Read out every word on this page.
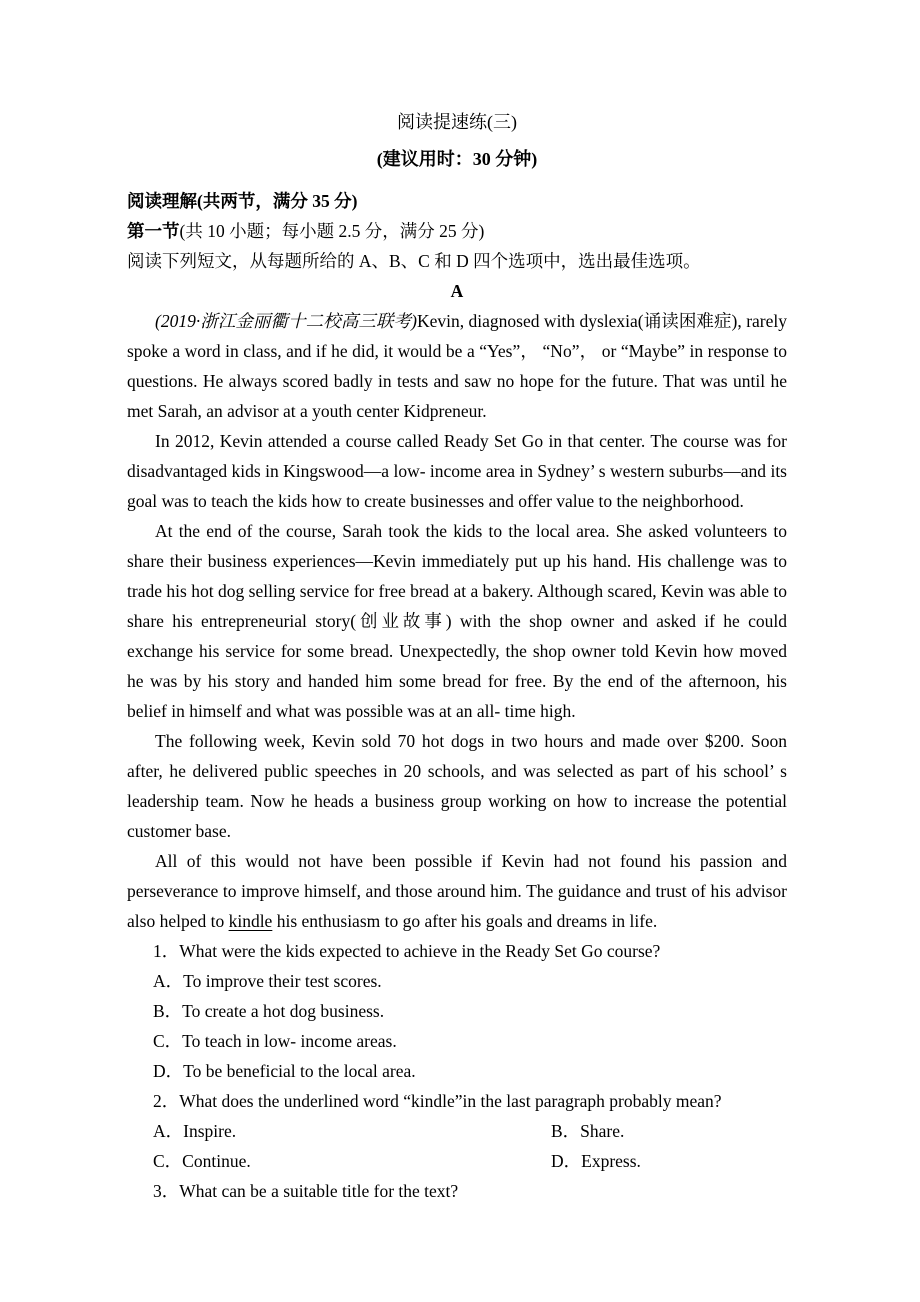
阅读提速练(三)
(建议用时：30 分钟)
阅读理解(共两节，满分 35 分)
第一节(共 10 小题；每小题 2.5 分，满分 25 分)
阅读下列短文，从每题所给的 A、B、C 和 D 四个选项中，选出最佳选项。
A

(2019·浙江金丽衢十二校高三联考)Kevin, diagnosed with dyslexia(诵读困难症), rarely spoke a word in class, and if he did, it would be a “Yes”， “No”， or “Maybe” in response to questions. He always scored badly in tests and saw no hope for the future. That was until he met Sarah, an advisor at a youth center Kidpreneur.

In 2012, Kevin attended a course called Ready Set Go in that center. The course was for disadvantaged kids in Kingswood—a low- income area in Sydney’ s western suburbs—and its goal was to teach the kids how to create businesses and offer value to the neighborhood.

At the end of the course, Sarah took the kids to the local area. She asked volunteers to share their business experiences—Kevin immediately put up his hand. His challenge was to trade his hot dog selling service for free bread at a bakery. Although scared, Kevin was able to share his entrepreneurial story(创业故事) with the shop owner and asked if he could exchange his service for some bread. Unexpectedly, the shop owner told Kevin how moved he was by his story and handed him some bread for free. By the end of the afternoon, his belief in himself and what was possible was at an all- time high.

The following week, Kevin sold 70 hot dogs in two hours and made over $200. Soon after, he delivered public speeches in 20 schools, and was selected as part of his school’ s leadership team. Now he heads a business group working on how to increase the potential customer base.

All of this would not have been possible if Kevin had not found his passion and perseverance to improve himself, and those around him. The guidance and trust of his advisor also helped to kindle his enthusiasm to go after his goals and dreams in life.

1．What were the kids expected to achieve in the Ready Set Go course?
A．To improve their test scores.
B．To create a hot dog business.
C．To teach in low- income areas.
D．To be beneficial to the local area.
2．What does the underlined word “kindle”in the last paragraph probably mean?
A．Inspire.	B．Share.
C．Continue.	D．Express.
3．What can be a suitable title for the text?
